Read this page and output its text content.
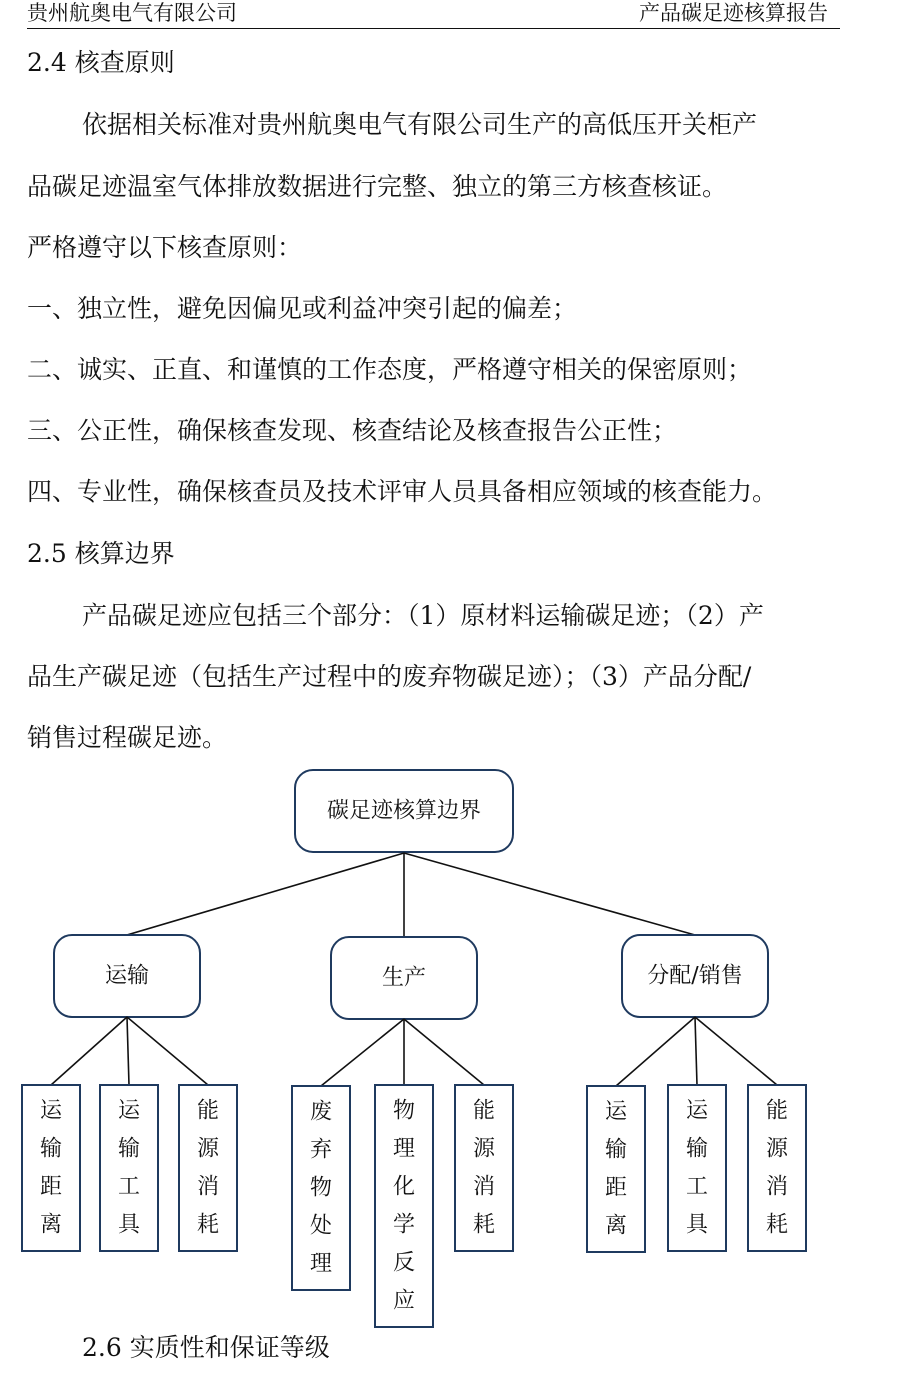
贵州航奥电气有限公司	产品碳足迹核算报告
2.4 核查原则
依据相关标准对贵州航奥电气有限公司生产的高低压开关柜产
品碳足迹温室气体排放数据进行完整、独立的第三方核查核证。
严格遵守以下核查原则：
一、独立性，避免因偏见或利益冲突引起的偏差；
二、诚实、正直、和谨慎的工作态度，严格遵守相关的保密原则；
三、公正性，确保核查发现、核查结论及核查报告公正性；
四、专业性，确保核查员及技术评审人员具备相应领域的核查能力。
2.5 核算边界
产品碳足迹应包括三个部分：（1）原材料运输碳足迹；（2）产
品生产碳足迹（包括生产过程中的废弃物碳足迹）；（3）产品分配/
销售过程碳足迹。
碳足迹核算边界
运输
运
输
距
离
运
输
工
具
能
源
消
耗
生产
废
弃
物
处
理
物
理
化
学
反
应
能
源
消
耗
分配/销售
运
输
距
离
运
输
工
具
能
源
消
耗
2.6 实质性和保证等级
